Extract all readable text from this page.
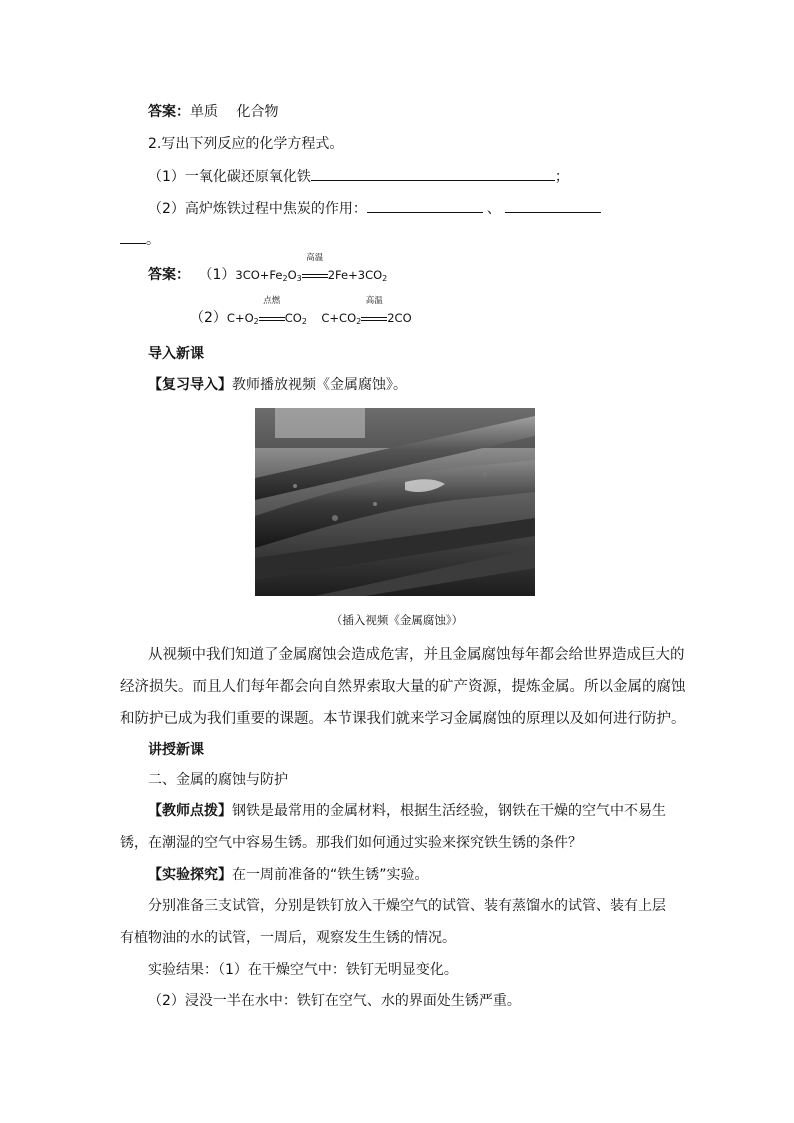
答案：单质　 化合物
2.写出下列反应的化学方程式。
（1）一氧化碳还原氧化铁	；
（2）高炉炼铁过程中焦炭的作用：	、
。
答案： $(1)3CO+Fe_2O_3$
高温
$2Fe+3CO_2$
$(2)C+O_2$
点燃
$CO_2$ $C+CO_2$
高温
2CO
导入新课
【复习导入】教师播放视频《金属腐蚀》。
（插入视频《金属腐蚀》）
从视频中我们知道了金属腐蚀会造成危害，并且金属腐蚀每年都会给世界造成巨大的
经济损失。而且人们每年都会向自然界索取大量的矿产资源，提炼金属。所以金属的腐蚀
和防护已成为我们重要的课题。本节课我们就来学习金属腐蚀的原理以及如何进行防护。
讲授新课
二、金属的腐蚀与防护
【教师点拨】钢铁是最常用的金属材料，根据生活经验，钢铁在干燥的空气中不易生
锈，在潮湿的空气中容易生锈。那我们如何通过实验来探究铁生锈的条件？
【实验探究】在一周前准备的“铁生锈”实验。
分别准备三支试管，分别是铁钉放入干燥空气的试管、装有蒸馏水的试管、装有上层
有植物油的水的试管，一周后，观察发生生锈的情况。
实验结果：（1）在干燥空气中：铁钉无明显变化。
（2）浸没一半在水中：铁钉在空气、水的界面处生锈严重。
